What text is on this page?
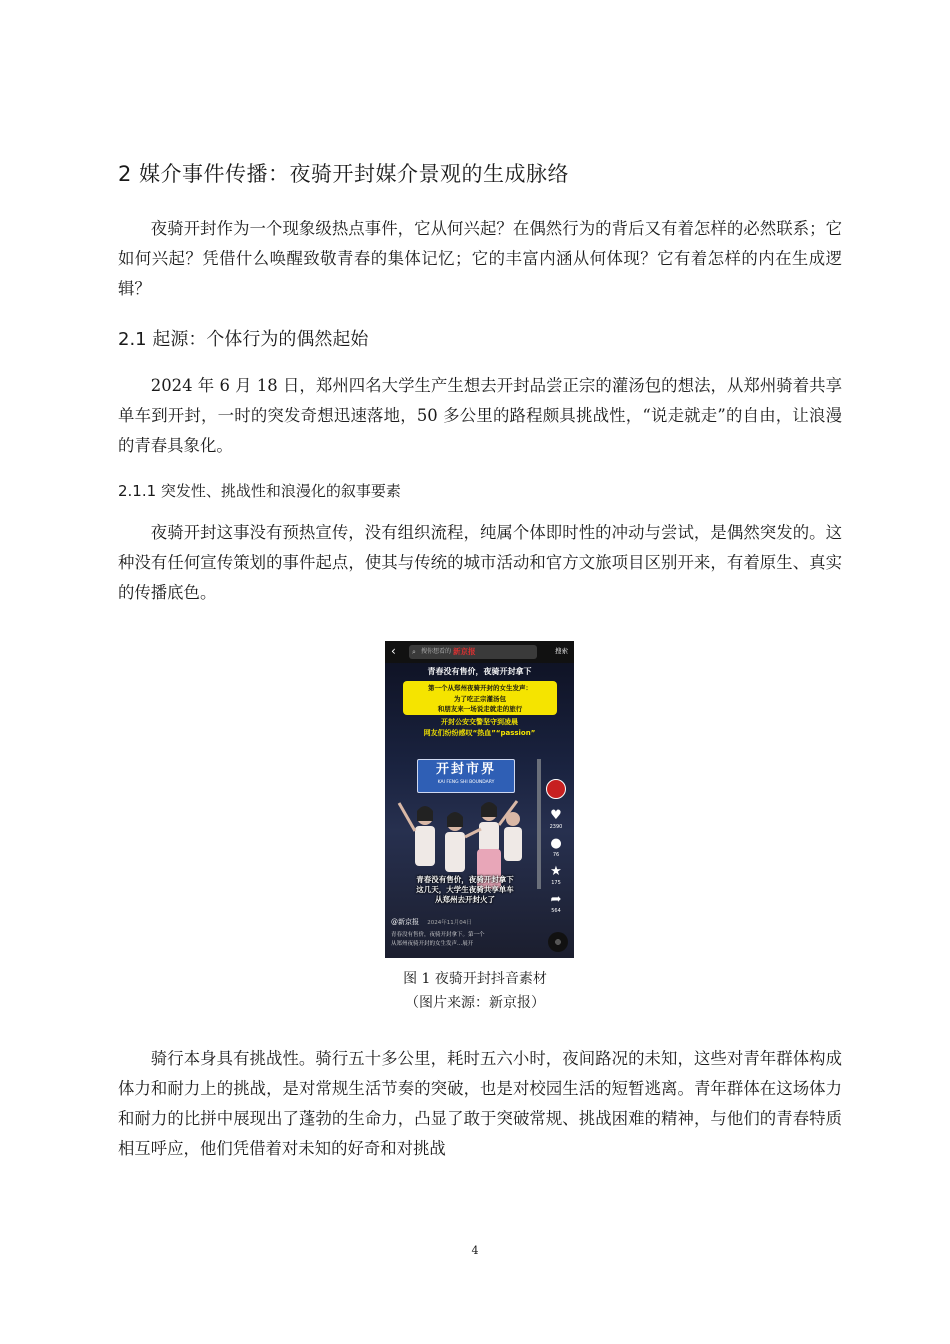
2 媒介事件传播：夜骑开封媒介景观的生成脉络

夜骑开封作为一个现象级热点事件，它从何兴起？在偶然行为的背后又有着怎样的必然联系；它如何兴起？凭借什么唤醒致敬青春的集体记忆；它的丰富内涵从何体现？它有着怎样的内在生成逻辑？

2.1 起源：个体行为的偶然起始

2024 年 6 月 18 日，郑州四名大学生产生想去开封品尝正宗的灌汤包的想法，从郑州骑着共享单车到开封，一时的突发奇想迅速落地，50 多公里的路程颇具挑战性，“说走就走”的自由，让浪漫的青春具象化。

2.1.1 突发性、挑战性和浪漫化的叙事要素

夜骑开封这事没有预热宣传，没有组织流程，纯属个体即时性的冲动与尝试，是偶然突发的。这种没有任何宣传策划的事件起点，使其与传统的城市活动和官方文旅项目区别开来，有着原生、真实的传播底色。

‹ ⌕ 搜你想看的 新京报	搜索
青春没有售价，夜骑开封拿下
第一个从郑州夜骑开封的女生发声：
为了吃正宗灌汤包
和朋友来一场说走就走的旅行
开封公安交警坚守到凌晨
网友们纷纷感叹“热血”“passion”
开封市界
KAI FENG SHI BOUNDARY
♥
2390
●
76
★
175
➦
564
青春没有售价，夜骑开封拿下
这几天，大学生夜骑共享单车
从郑州去开封火了
@新京报 2024年11月04日
青春没有售价，夜骑开封拿下。第一个
从郑州夜骑开封的女生发声...展开
图 1 夜骑开封抖音素材
（图片来源：新京报）

骑行本身具有挑战性。骑行五十多公里，耗时五六小时，夜间路况的未知，这些对青年群体构成体力和耐力上的挑战，是对常规生活节奏的突破，也是对校园生活的短暂逃离。青年群体在这场体力和耐力的比拼中展现出了蓬勃的生命力，凸显了敢于突破常规、挑战困难的精神，与他们的青春特质相互呼应，他们凭借着对未知的好奇和对挑战

4
